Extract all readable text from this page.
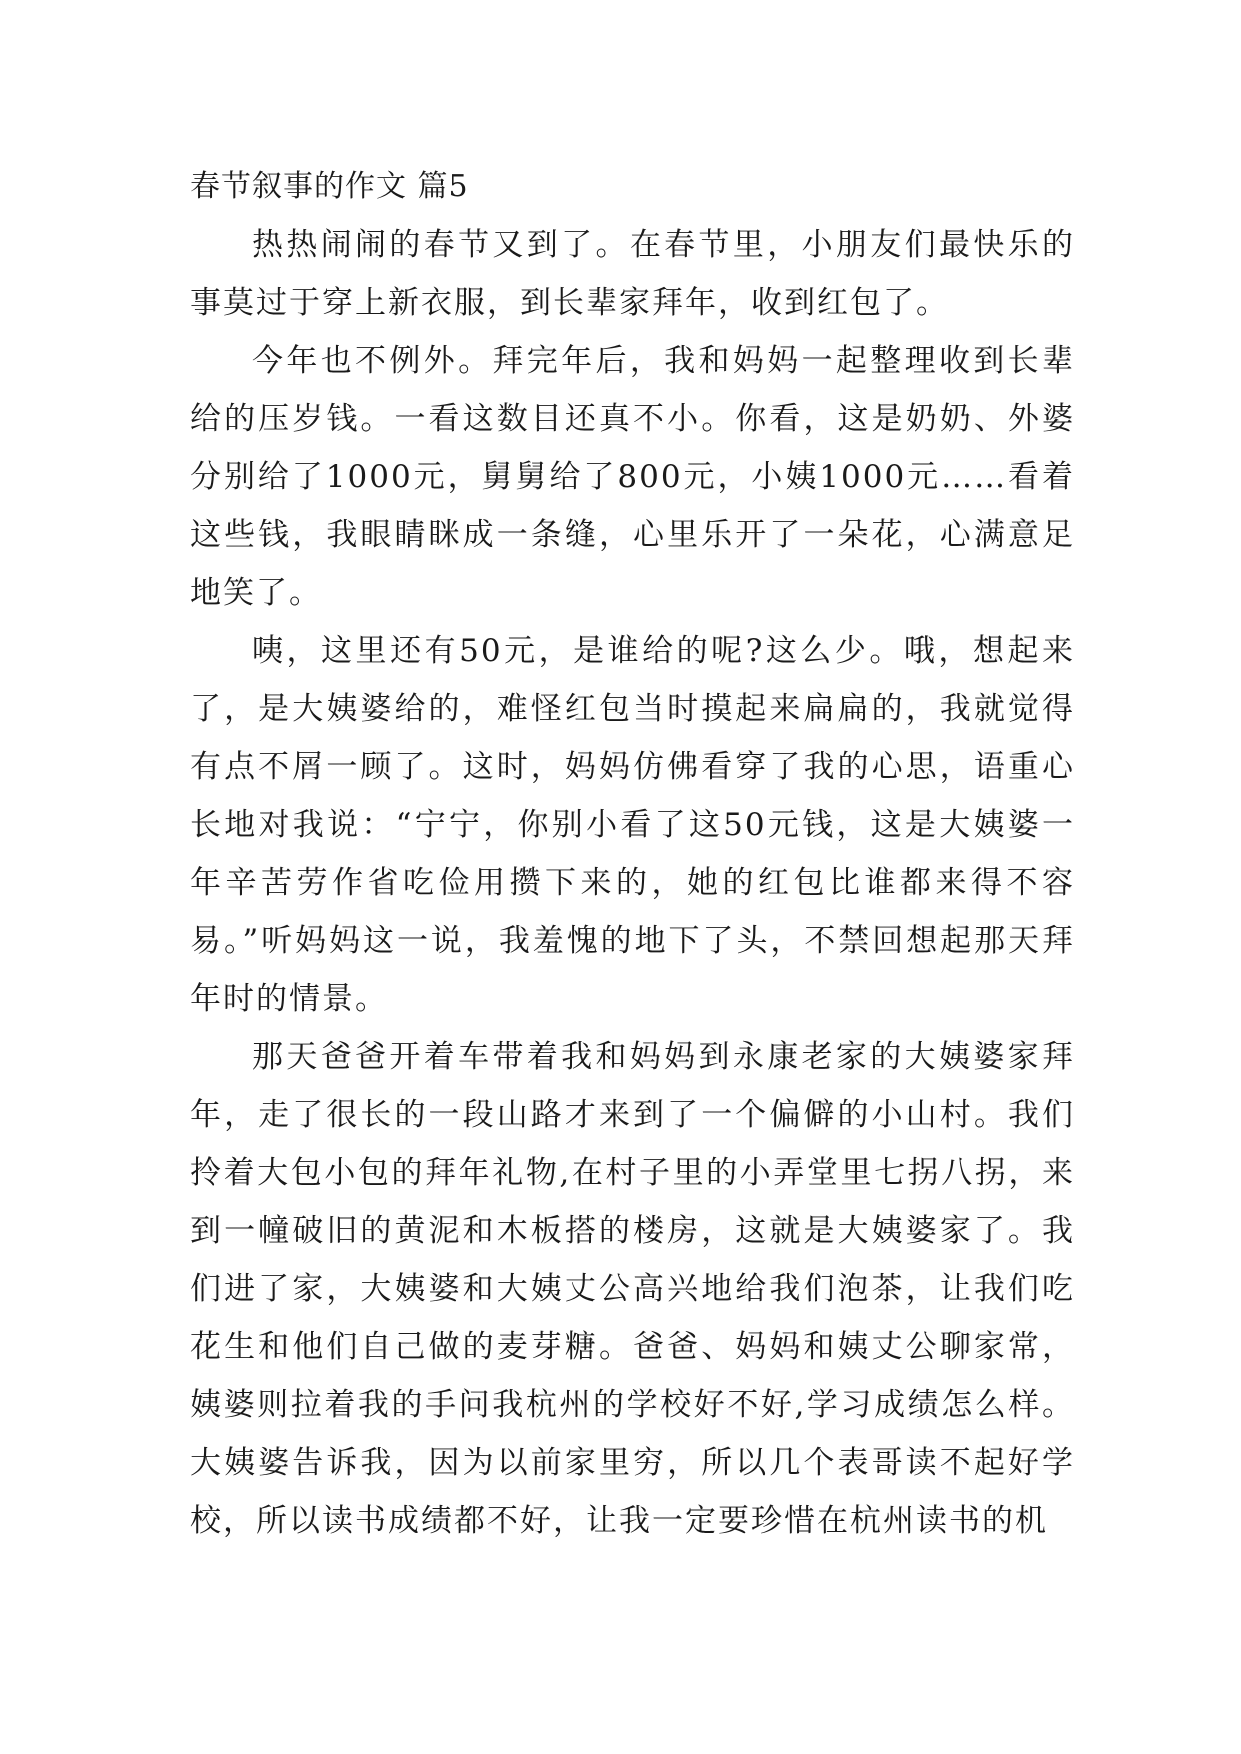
春节叙事的作文 篇5

热热闹闹的春节又到了。在春节里，小朋友们最快乐的事莫过于穿上新衣服，到长辈家拜年，收到红包了。

今年也不例外。拜完年后，我和妈妈一起整理收到长辈给的压岁钱。一看这数目还真不小。你看，这是奶奶、外婆分别给了1000元，舅舅给了800元，小姨1000元……看着这些钱，我眼睛眯成一条缝，心里乐开了一朵花，心满意足地笑了。

咦，这里还有50元，是谁给的呢?这么少。哦，想起来了，是大姨婆给的，难怪红包当时摸起来扁扁的，我就觉得有点不屑一顾了。这时，妈妈仿佛看穿了我的心思，语重心长地对我说：“宁宁，你别小看了这50元钱，这是大姨婆一年辛苦劳作省吃俭用攒下来的，她的红包比谁都来得不容易。”听妈妈这一说，我羞愧的地下了头，不禁回想起那天拜年时的情景。

那天爸爸开着车带着我和妈妈到永康老家的大姨婆家拜年，走了很长的一段山路才来到了一个偏僻的小山村。我们拎着大包小包的拜年礼物,在村子里的小弄堂里七拐八拐，来到一幢破旧的黄泥和木板搭的楼房，这就是大姨婆家了。我们进了家，大姨婆和大姨丈公高兴地给我们泡茶，让我们吃花生和他们自己做的麦芽糖。爸爸、妈妈和姨丈公聊家常，姨婆则拉着我的手问我杭州的学校好不好,学习成绩怎么样。大姨婆告诉我，因为以前家里穷，所以几个表哥读不起好学校，所以读书成绩都不好，让我一定要珍惜在杭州读书的机
